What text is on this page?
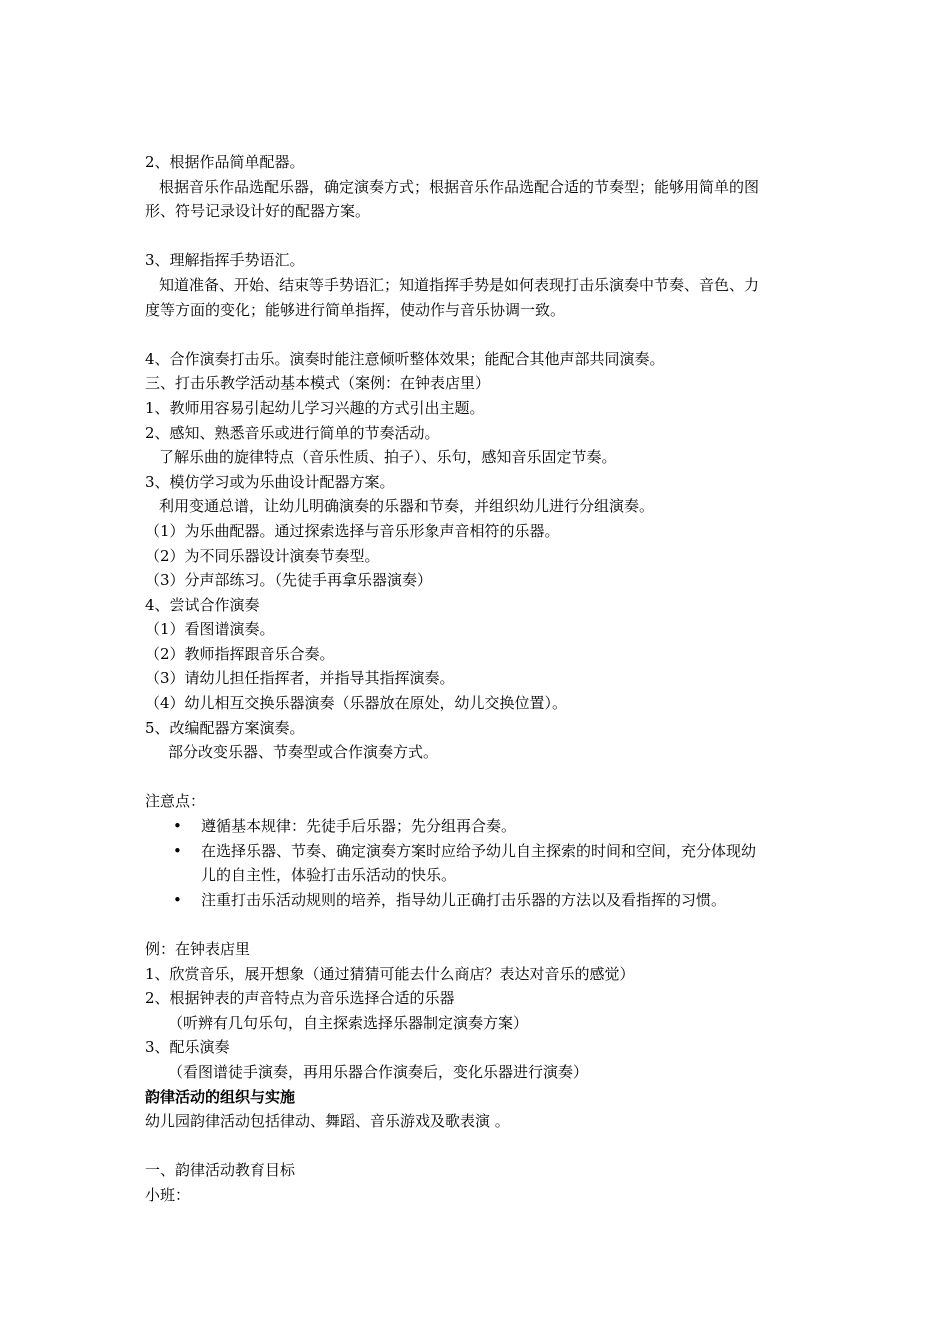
2、根据作品简单配器。
根据音乐作品选配乐器，确定演奏方式；根据音乐作品选配合适的节奏型；能够用简单的图
形、符号记录设计好的配器方案。
3、理解指挥手势语汇。
知道准备、开始、结束等手势语汇；知道指挥手势是如何表现打击乐演奏中节奏、音色、力
度等方面的变化；能够进行简单指挥，使动作与音乐协调一致。
4、合作演奏打击乐。演奏时能注意倾听整体效果；能配合其他声部共同演奏。
三、打击乐教学活动基本模式（案例：在钟表店里）
1、教师用容易引起幼儿学习兴趣的方式引出主题。
2、感知、熟悉音乐或进行简单的节奏活动。
了解乐曲的旋律特点（音乐性质、拍子）、乐句，感知音乐固定节奏。
3、模仿学习或为乐曲设计配器方案。
利用变通总谱，让幼儿明确演奏的乐器和节奏，并组织幼儿进行分组演奏。
（1）为乐曲配器。通过探索选择与音乐形象声音相符的乐器。
（2）为不同乐器设计演奏节奏型。
（3）分声部练习。（先徒手再拿乐器演奏）
4、尝试合作演奏
（1）看图谱演奏。
（2）教师指挥跟音乐合奏。
（3）请幼儿担任指挥者，并指导其指挥演奏。
（4）幼儿相互交换乐器演奏（乐器放在原处，幼儿交换位置）。
5、改编配器方案演奏。
部分改变乐器、节奏型或合作演奏方式。
注意点：
• 遵循基本规律：先徒手后乐器；先分组再合奏。
• 在选择乐器、节奏、确定演奏方案时应给予幼儿自主探索的时间和空间，充分体现幼
儿的自主性，体验打击乐活动的快乐。
• 注重打击乐活动规则的培养，指导幼儿正确打击乐器的方法以及看指挥的习惯。
例：在钟表店里
1、欣赏音乐，展开想象（通过猜猜可能去什么商店？表达对音乐的感觉）
2、根据钟表的声音特点为音乐选择合适的乐器
（听辨有几句乐句，自主探索选择乐器制定演奏方案）
3、配乐演奏
（看图谱徒手演奏，再用乐器合作演奏后，变化乐器进行演奏）
韵律活动的组织与实施
幼儿园韵律活动包括律动、舞蹈、音乐游戏及歌表演 。
一、韵律活动教育目标
小班：
